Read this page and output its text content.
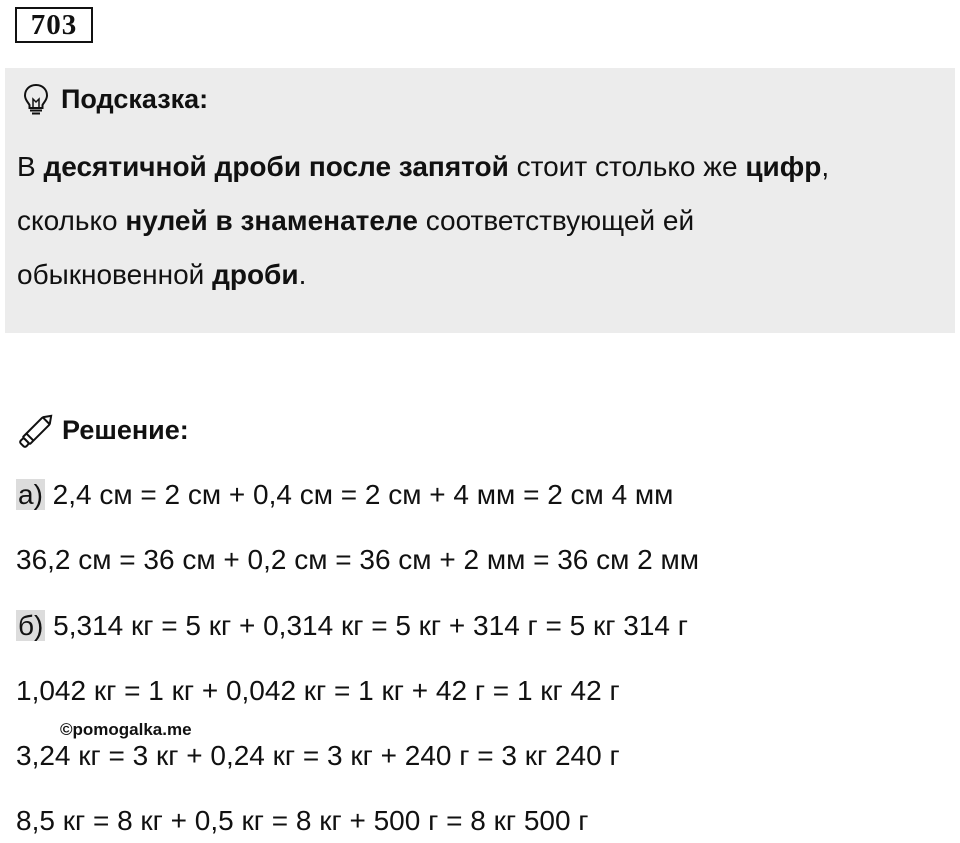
703
Подсказка:
В десятичной дроби после запятой стоит столько же цифр,
сколько нулей в знаменателе соответствующей ей
обыкновенной дроби.
Решение:
а) 2,4 см = 2 см + 0,4 см = 2 см + 4 мм = 2 см 4 мм
36,2 см = 36 см + 0,2 см = 36 см + 2 мм = 36 см 2 мм
б) 5,314 кг = 5 кг + 0,314 кг = 5 кг + 314 г = 5 кг 314 г
1,042 кг = 1 кг + 0,042 кг = 1 кг + 42 г = 1 кг 42 г
©pomogalka.me
3,24 кг = 3 кг + 0,24 кг = 3 кг + 240 г = 3 кг 240 г
8,5 кг = 8 кг + 0,5 кг = 8 кг + 500 г = 8 кг 500 г
